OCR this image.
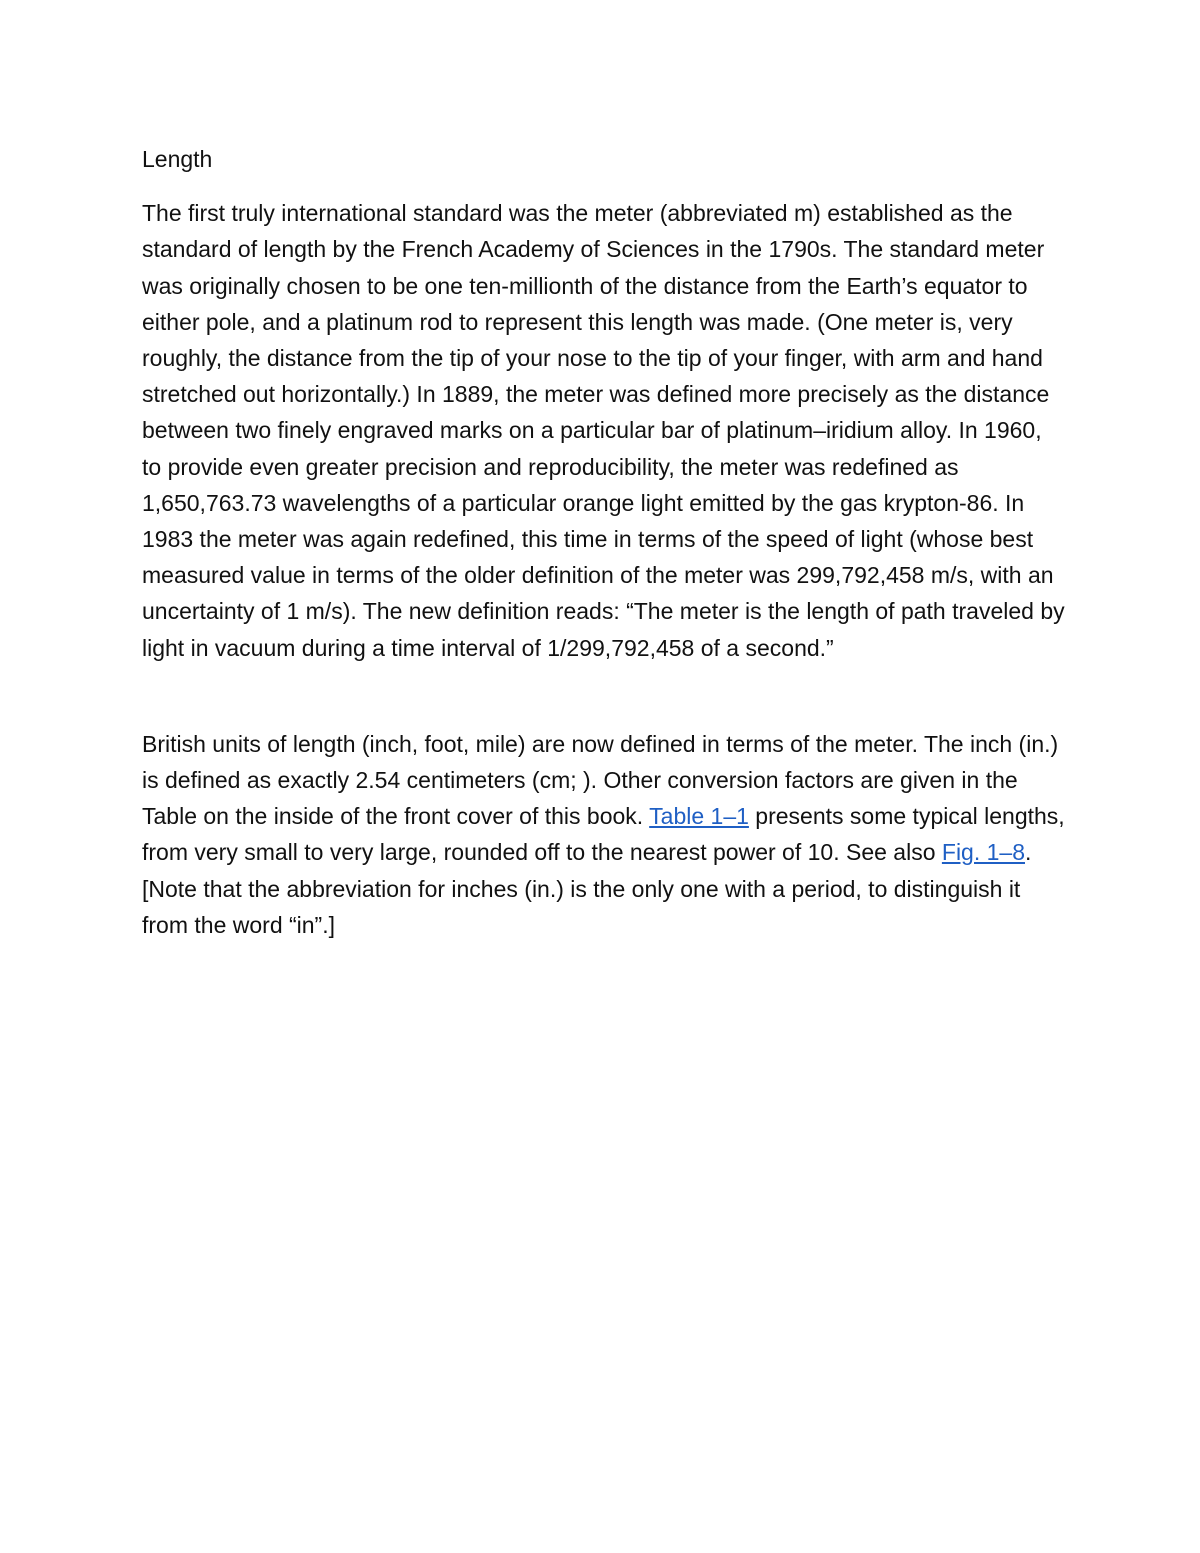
Length

The first truly international standard was the meter (abbreviated m) established as the standard of length by the French Academy of Sciences in the 1790s. The standard meter was originally chosen to be one ten-millionth of the distance from the Earth’s equator to either pole, and a platinum rod to represent this length was made. (One meter is, very roughly, the distance from the tip of your nose to the tip of your finger, with arm and hand stretched out horizontally.) In 1889, the meter was defined more precisely as the distance between two finely engraved marks on a particular bar of platinum–iridium alloy. In 1960, to provide even greater precision and reproducibility, the meter was redefined as 1,650,763.73 wavelengths of a particular orange light emitted by the gas krypton-86. In 1983 the meter was again redefined, this time in terms of the speed of light (whose best measured value in terms of the older definition of the meter was 299,792,458 m/s, with an uncertainty of 1 m/s). The new definition reads: “The meter is the length of path traveled by light in vacuum during a time interval of 1/299,792,458 of a second.”

British units of length (inch, foot, mile) are now defined in terms of the meter. The inch (in.) is defined as exactly 2.54 centimeters (cm; ). Other conversion factors are given in the Table on the inside of the front cover of this book. Table 1–1 presents some typical lengths, from very small to very large, rounded off to the nearest power of 10. See also Fig. 1–8. [Note that the abbreviation for inches (in.) is the only one with a period, to distinguish it from the word “in”.]
